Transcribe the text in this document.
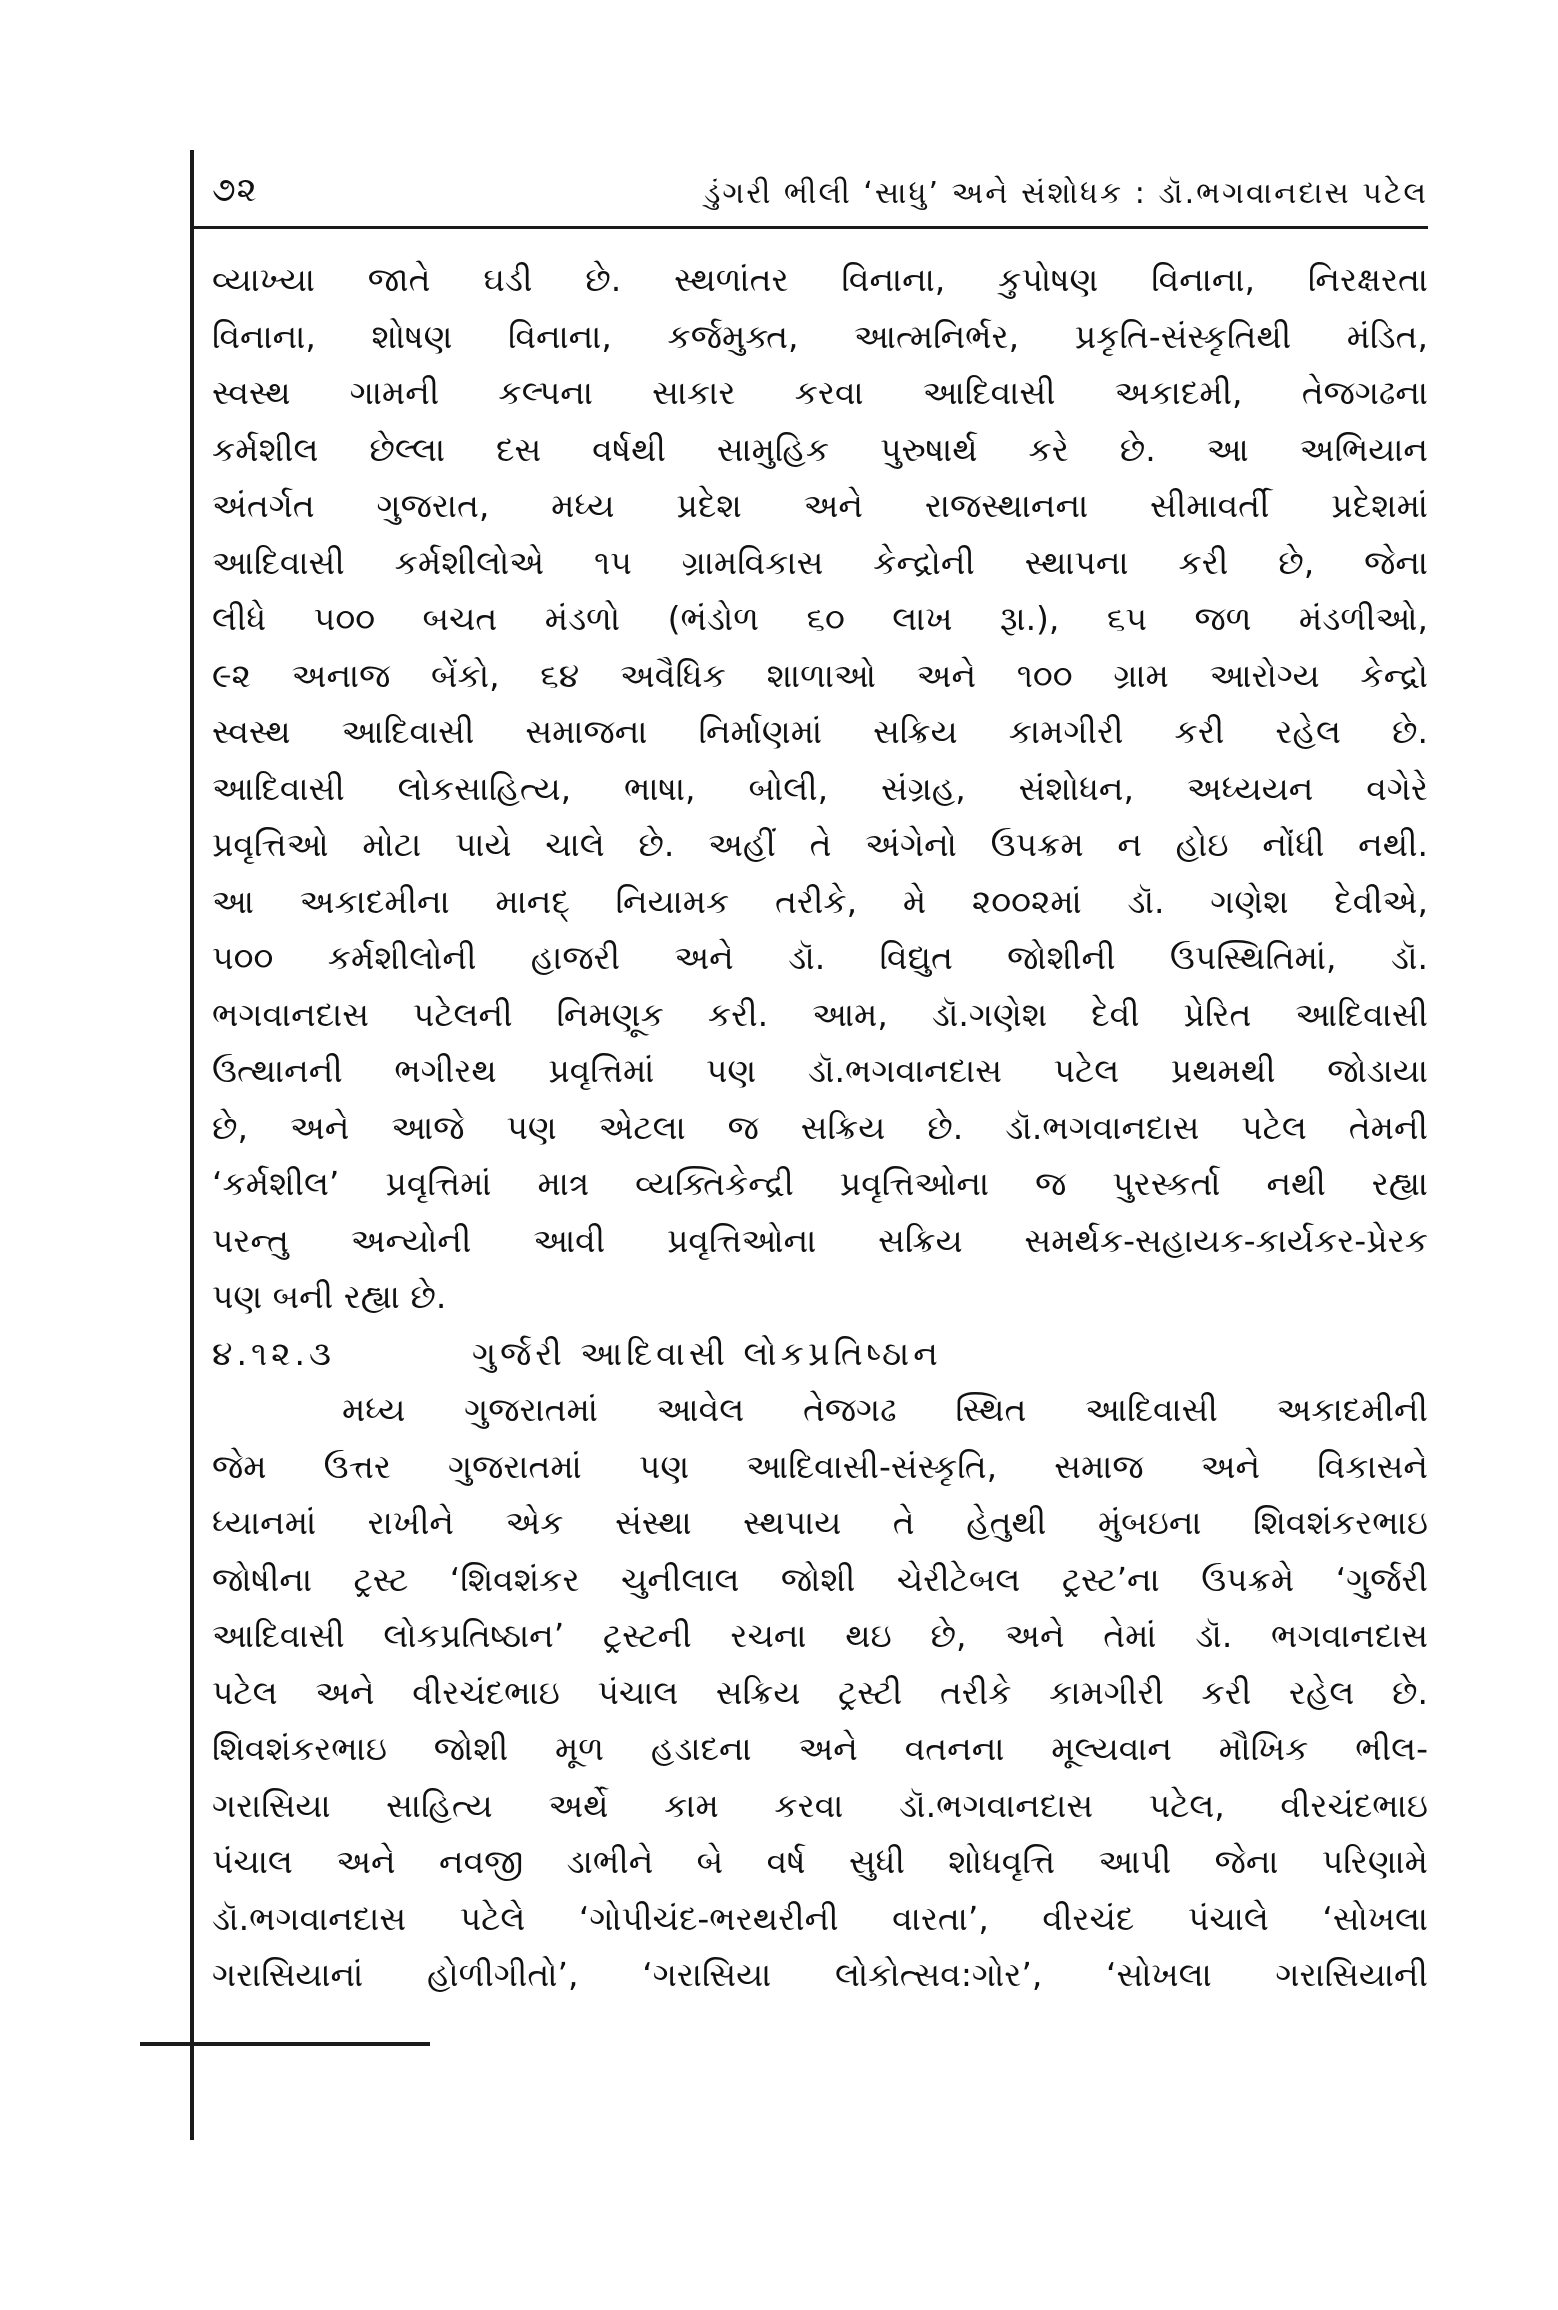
૭૨	ડુંગરી ભીલી ‘સાધુ’ અને સંશોધક : ડૉ.ભગવાનદાસ પટેલ
વ્યાખ્યા જાતે ઘડી છે. સ્થળાંતર વિનાના, કુપોષણ વિનાના, નિરક્ષરતા
વિનાના, શોષણ વિનાના, કર્જમુક્ત, આત્મનિર્ભર, પ્રકૃતિ-સંસ્કૃતિથી મંડિત,
સ્વસ્થ ગામની કલ્પના સાકાર કરવા આદિવાસી અકાદમી, તેજગઢના
કર્મશીલ છેલ્લા દસ વર્ષથી સામુહિક પુરુષાર્થ કરે છે. આ અભિયાન
અંતર્ગત ગુજરાત, મધ્ય પ્રદેશ અને રાજસ્થાનના સીમાવર્તી પ્રદેશમાં
આદિવાસી કર્મશીલોએ ૧૫ ગ્રામવિકાસ કેન્દ્રોની સ્થાપના કરી છે, જેના
લીધે ૫૦૦ બચત મંડળો (ભંડોળ ૬૦ લાખ રૂા.), ૬૫ જળ મંડળીઓ,
૯૨ અનાજ બેંકો, ૬૪ અવૈધિક શાળાઓ અને ૧૦૦ ગ્રામ આરોગ્ય કેન્દ્રો
સ્વસ્થ આદિવાસી સમાજના નિર્માણમાં સક્રિય કામગીરી કરી રહેલ છે.
આદિવાસી લોકસાહિત્ય, ભાષા, બોલી, સંગ્રહ, સંશોધન, અધ્યયન વગેરે
પ્રવૃત્તિઓ મોટા પાયે ચાલે છે. અહીં તે અંગેનો ઉપક્રમ ન હોઇ નોંધી નથી.
આ અકાદમીના માનદ્ નિયામક તરીકે, મે ૨૦૦૨માં ડૉ. ગણેશ દેવીએ,
૫૦૦ કર્મશીલોની હાજરી અને ડૉ. વિદ્યુત જોશીની ઉપસ્થિતિમાં, ડૉ.
ભગવાનદાસ પટેલની નિમણૂક કરી. આમ, ડૉ.ગણેશ દેવી પ્રેરિત આદિવાસી
ઉત્થાનની ભગીરથ પ્રવૃત્તિમાં પણ ડૉ.ભગવાનદાસ પટેલ પ્રથમથી જોડાયા
છે, અને આજે પણ એટલા જ સક્રિય છે. ડૉ.ભગવાનદાસ પટેલ તેમની
‘કર્મશીલ’ પ્રવૃત્તિમાં માત્ર વ્યક્તિકેન્દ્રી પ્રવૃત્તિઓના જ પુરસ્કર્તા નથી રહ્યા
પરન્તુ અન્યોની આવી પ્રવૃત્તિઓના સક્રિય સમર્થક-સહાયક-કાર્યકર-પ્રેરક
પણ બની રહ્યા છે.
૪.૧૨.૩	ગુર્જરી આદિવાસી લોકપ્રતિષ્ઠાન
મધ્ય ગુજરાતમાં આવેલ તેજગઢ સ્થિત આદિવાસી અકાદમીની
જેમ ઉત્તર ગુજરાતમાં પણ આદિવાસી-સંસ્કૃતિ, સમાજ અને વિકાસને
ધ્યાનમાં રાખીને એક સંસ્થા સ્થપાય તે હેતુથી મુંબઇના શિવશંકરભાઇ
જોષીના ટ્રસ્ટ ‘શિવશંકર ચુનીલાલ જોશી ચેરીટેબલ ટ્રસ્ટ’ના ઉપક્રમે ‘ગુર્જરી
આદિવાસી લોકપ્રતિષ્ઠાન’ ટ્રસ્ટની રચના થઇ છે, અને તેમાં ડૉ. ભગવાનદાસ
પટેલ અને વીરચંદભાઇ પંચાલ સક્રિય ટ્રસ્ટી તરીકે કામગીરી કરી રહેલ છે.
શિવશંકરભાઇ જોશી મૂળ હડાદના અને વતનના મૂલ્યવાન મૌખિક ભીલ-
ગરાસિયા સાહિત્ય અર્થે કામ કરવા ડૉ.ભગવાનદાસ પટેલ, વીરચંદભાઇ
પંચાલ અને નવજી ડાભીને બે વર્ષ સુધી શોધવૃત્તિ આપી જેના પરિણામે
ડૉ.ભગવાનદાસ પટેલે ‘ગોપીચંદ-ભરથરીની વારતા’, વીરચંદ પંચાલે ‘સોખલા
ગરાસિયાનાં હોળીગીતો’, ‘ગરાસિયા લોકોત્સવ:ગોર’, ‘સોખલા ગરાસિયાની
